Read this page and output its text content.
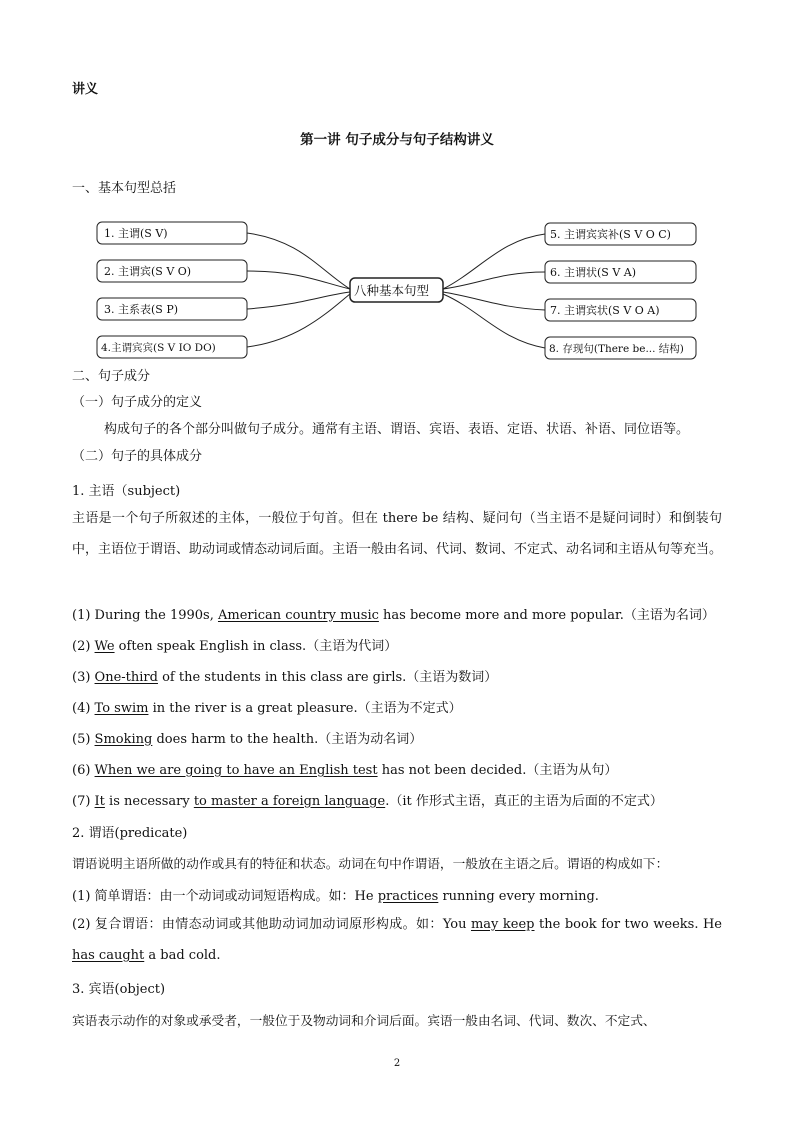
讲义
第一讲 句子成分与句子结构讲义
一、基本句型总括
1. 主谓(S V)
2. 主谓宾(S V O)
3. 主系表(S P)
4.主谓宾宾(S V IO DO)
5. 主谓宾宾补(S V O C)
6. 主谓状(S V A)
7. 主谓宾状(S V O A)
8. 存现句(There be... 结构)
八种基本句型
二、句子成分
（一）句子成分的定义
构成句子的各个部分叫做句子成分。通常有主语、谓语、宾语、表语、定语、状语、补语、同位语等。
（二）句子的具体成分
1. 主语（subject)
主语是一个句子所叙述的主体，一般位于句首。但在 there be 结构、疑问句（当主语不是疑问词时）和倒装句中，主语位于谓语、助动词或情态动词后面。主语一般由名词、代词、数词、不定式、动名词和主语从句等充当。
(1) During the 1990s, American country music has become more and more popular.（主语为名词）
(2) We often speak English in class.（主语为代词）
(3) One-third of the students in this class are girls.（主语为数词）
(4) To swim in the river is a great pleasure.（主语为不定式）
(5) Smoking does harm to the health.（主语为动名词）
(6) When we are going to have an English test has not been decided.（主语为从句）
(7) It is necessary to master a foreign language.（it 作形式主语，真正的主语为后面的不定式）
2. 谓语(predicate)
谓语说明主语所做的动作或具有的特征和状态。动词在句中作谓语，一般放在主语之后。谓语的构成如下：
(1) 简单谓语：由一个动词或动词短语构成。如：He practices running every morning.
(2) 复合谓语：由情态动词或其他助动词加动词原形构成。如：You may keep the book for two weeks. He has caught a bad cold.
3. 宾语(object)
宾语表示动作的对象或承受者，一般位于及物动词和介词后面。宾语一般由名词、代词、数次、不定式、
2
